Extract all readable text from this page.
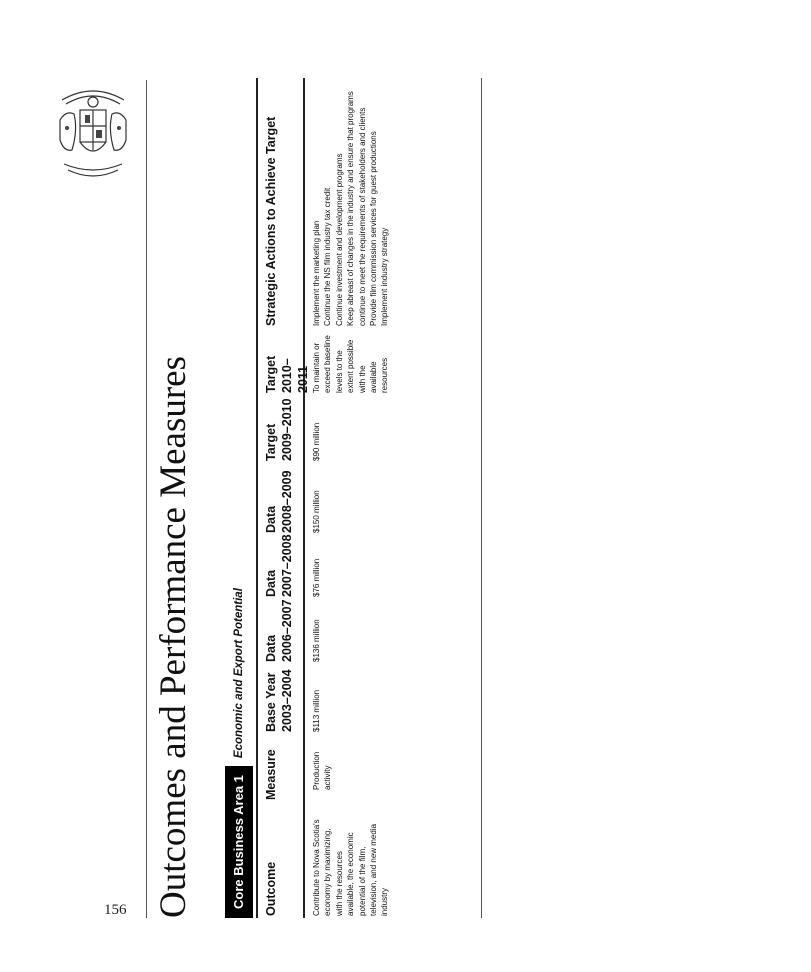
156 Outcomes and Performance Measures	Core Business Area 1
Economic and Export Potential
Outcome
Measure
Base Year 2003–2004
Data 2006–2007
Data 2007–2008
Data 2008–2009
Target 2009–2010
Target 2010–2011
Strategic Actions to Achieve Target
Contribute to Nova Scotia's economy by maximizing, with the resources available, the economic potential of the film, television, and new media industry
Production activity
$113 million
$136 million
$76 million
$150 million
$90 million
To maintain or exceed baseline levels to the extent possible with the available resources
Implement the marketing plan Continue the NS film industry tax credit Continue investment and development programs Keep abreast of changes in the industry and ensure that programs continue to meet the requirements of stakeholders and clients Provide film commission services for guest productions Implement industry strategy
